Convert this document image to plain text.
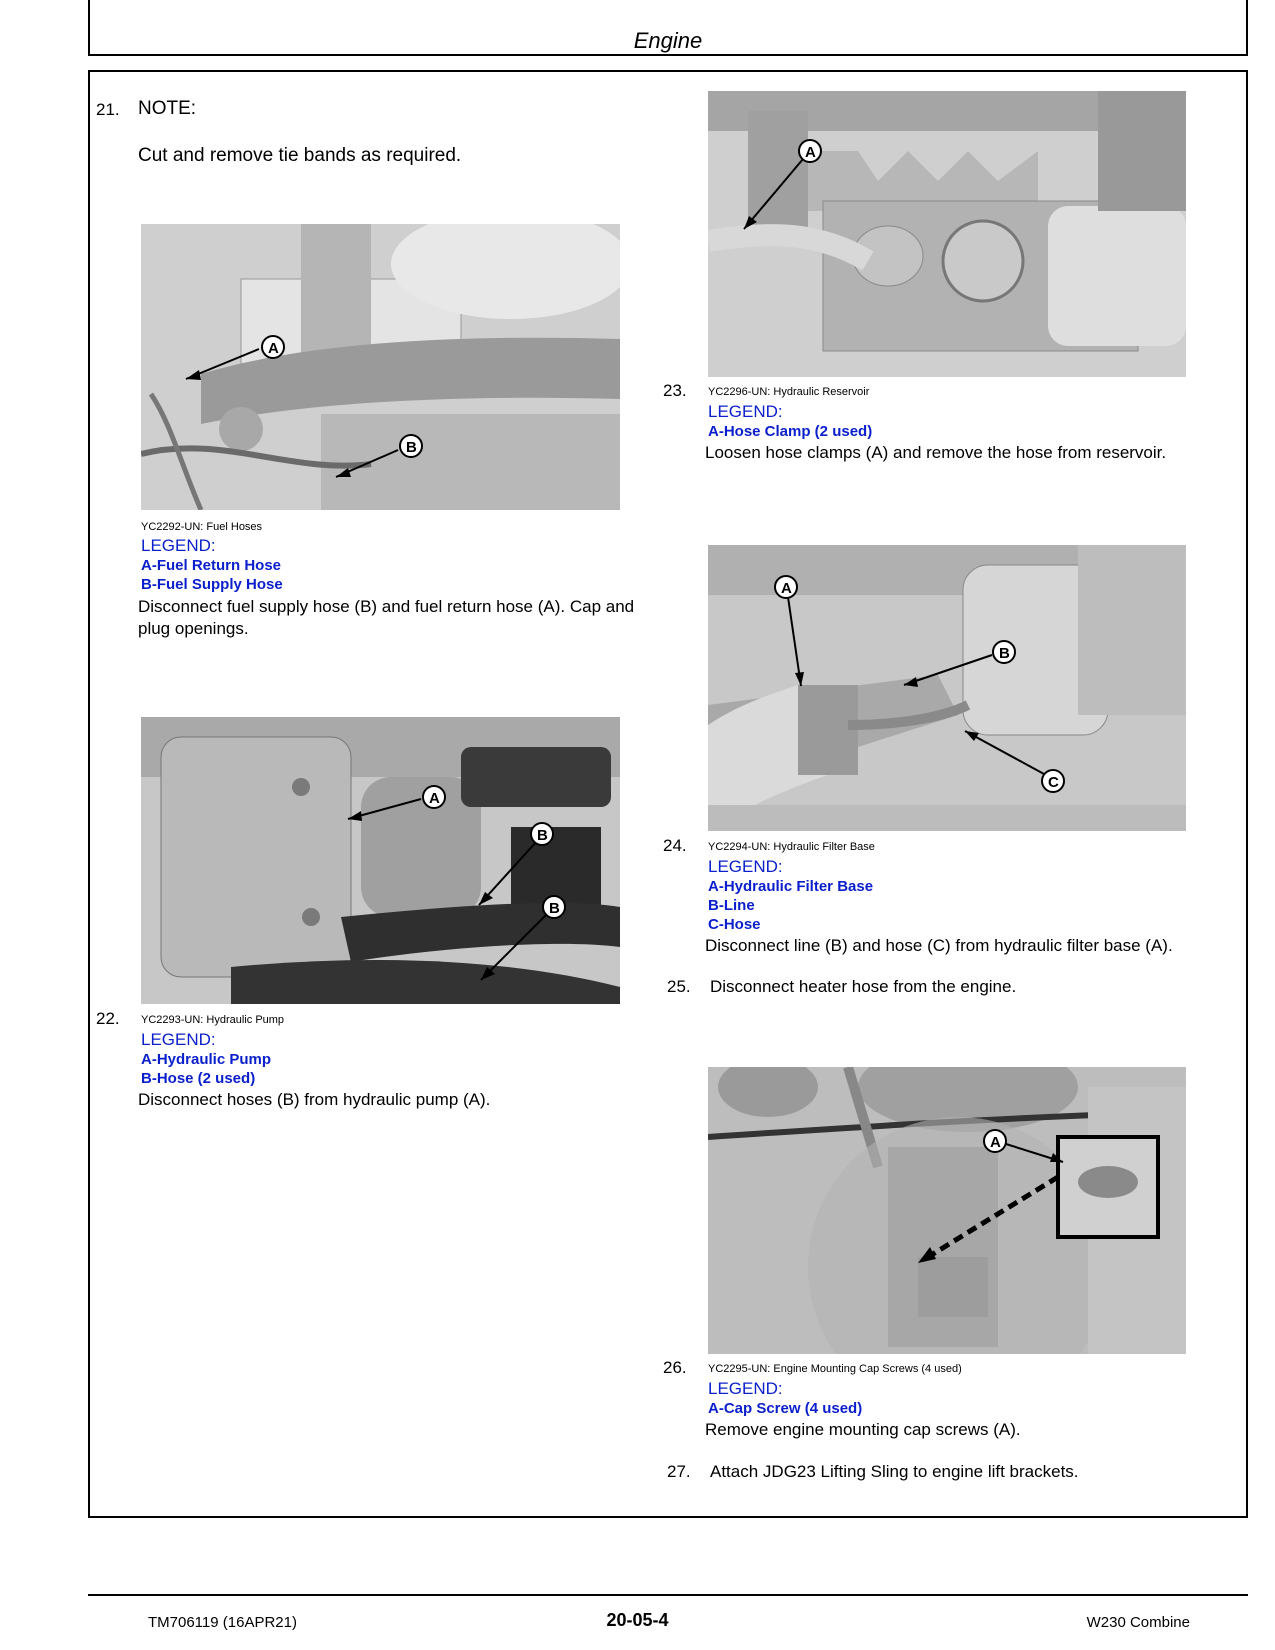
Engine
21. NOTE:
Cut and remove tie bands as required.
A
B
YC2292-UN: Fuel Hoses
LEGEND:
A-Fuel Return Hose
B-Fuel Supply Hose
Disconnect fuel supply hose (B) and fuel return hose (A). Cap and plug openings.
A
B
B
22. YC2293-UN: Hydraulic Pump
LEGEND:
A-Hydraulic Pump
B-Hose (2 used)
Disconnect hoses (B) from hydraulic pump (A).
A
23. YC2296-UN: Hydraulic Reservoir
LEGEND:
A-Hose Clamp (2 used)
Loosen hose clamps (A) and remove the hose from reservoir.
A
B
C
24. YC2294-UN: Hydraulic Filter Base
LEGEND:
A-Hydraulic Filter Base
B-Line
C-Hose
Disconnect line (B) and hose (C) from hydraulic filter base (A).
25. Disconnect heater hose from the engine.
A
26. YC2295-UN: Engine Mounting Cap Screws (4 used)
LEGEND:
A-Cap Screw (4 used)
Remove engine mounting cap screws (A).
27. Attach JDG23 Lifting Sling to engine lift brackets.
TM706119 (16APR21)	20-05-4	W230 Combine
